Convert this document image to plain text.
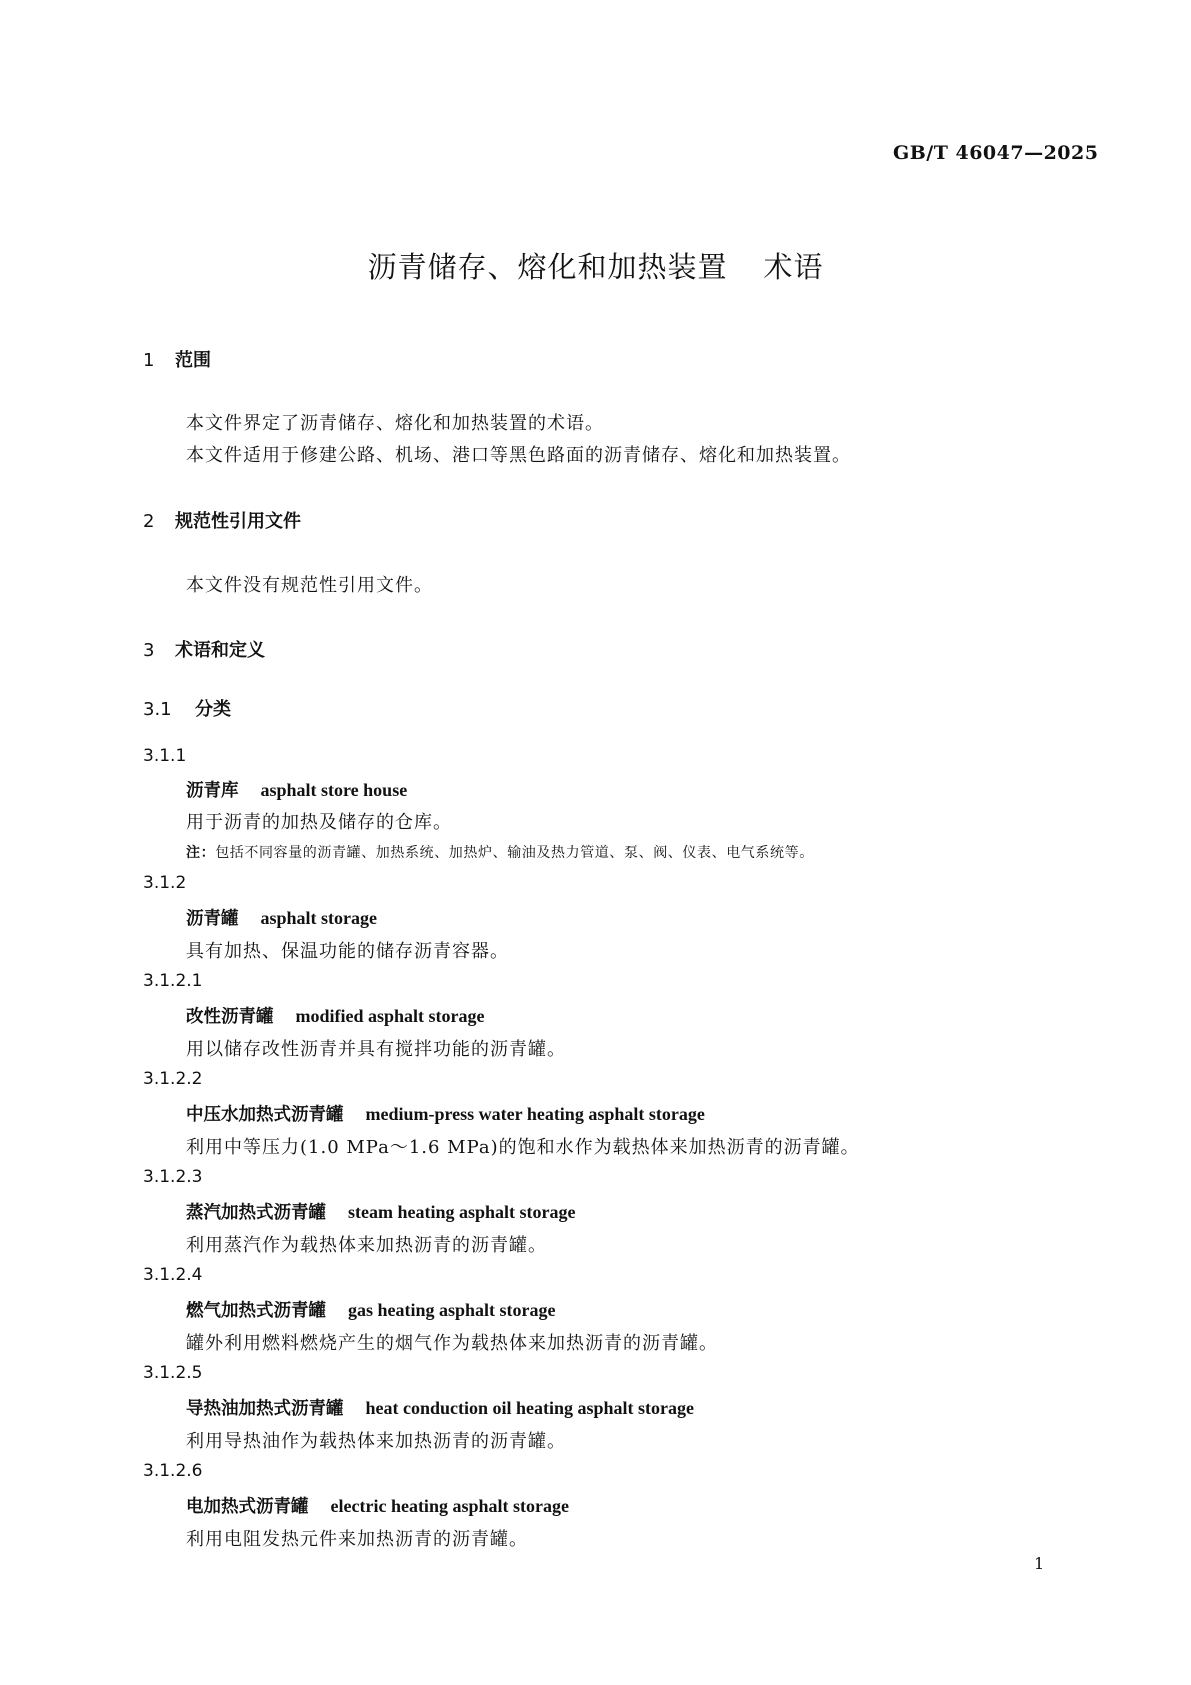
GB/T 46047—2025
沥青储存、熔化和加热装置 术语
1 范围
本文件界定了沥青储存、熔化和加热装置的术语。
本文件适用于修建公路、机场、港口等黑色路面的沥青储存、熔化和加热装置。
2 规范性引用文件
本文件没有规范性引用文件。
3 术语和定义
3.1 分类
3.1.1
沥青库 asphalt store house
用于沥青的加热及储存的仓库。
注：包括不同容量的沥青罐、加热系统、加热炉、输油及热力管道、泵、阀、仪表、电气系统等。
3.1.2
沥青罐 asphalt storage
具有加热、保温功能的储存沥青容器。
3.1.2.1
改性沥青罐 modified asphalt storage
用以储存改性沥青并具有搅拌功能的沥青罐。
3.1.2.2
中压水加热式沥青罐 medium-press water heating asphalt storage
利用中等压力(1.0 MPa～1.6 MPa)的饱和水作为载热体来加热沥青的沥青罐。
3.1.2.3
蒸汽加热式沥青罐 steam heating asphalt storage
利用蒸汽作为载热体来加热沥青的沥青罐。
3.1.2.4
燃气加热式沥青罐 gas heating asphalt storage
罐外利用燃料燃烧产生的烟气作为载热体来加热沥青的沥青罐。
3.1.2.5
导热油加热式沥青罐 heat conduction oil heating asphalt storage
利用导热油作为载热体来加热沥青的沥青罐。
3.1.2.6
电加热式沥青罐 electric heating asphalt storage
利用电阻发热元件来加热沥青的沥青罐。
1
